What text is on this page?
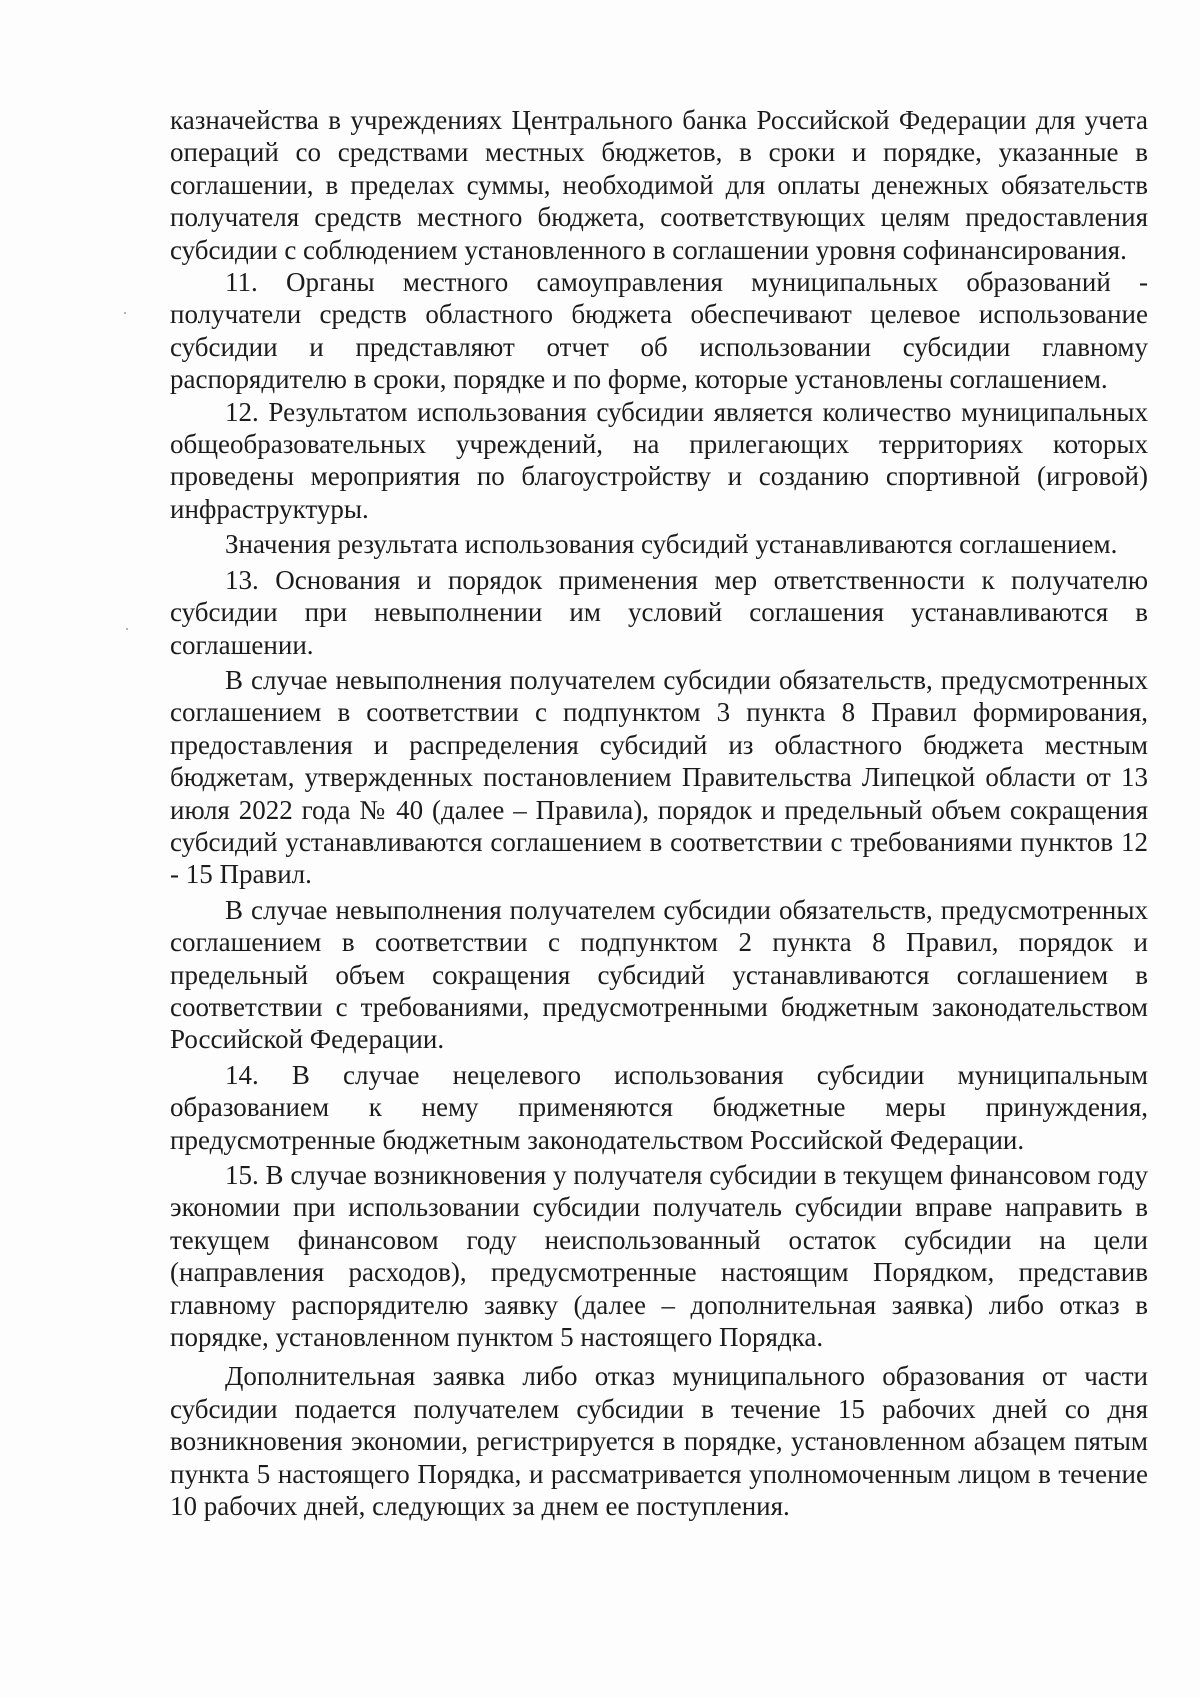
казначейства в учреждениях Центрального банка Российской Федерации для учета операций со средствами местных бюджетов, в сроки и порядке, указанные в соглашении, в пределах суммы, необходимой для оплаты денежных обязательств получателя средств местного бюджета, соответствующих целям предоставления субсидии с соблюдением установленного в соглашении уровня софинансирования.

11. Органы местного самоуправления муниципальных образований - получатели средств областного бюджета обеспечивают целевое использование субсидии и представляют отчет об использовании субсидии главному распорядителю в сроки, порядке и по форме, которые установлены соглашением.

12. Результатом использования субсидии является количество муниципальных общеобразовательных учреждений, на прилегающих территориях которых проведены мероприятия по благоустройству и созданию спортивной (игровой) инфраструктуры.

Значения результата использования субсидий устанавливаются соглашением.

13. Основания и порядок применения мер ответственности к получателю субсидии при невыполнении им условий соглашения устанавливаются в соглашении.

В случае невыполнения получателем субсидии обязательств, предусмотренных соглашением в соответствии с подпунктом 3 пункта 8 Правил формирования, предоставления и распределения субсидий из областного бюджета местным бюджетам, утвержденных постановлением Правительства Липецкой области от 13 июля 2022 года № 40 (далее – Правила), порядок и предельный объем сокращения субсидий устанавливаются соглашением в соответствии с требованиями пунктов 12 - 15 Правил.

В случае невыполнения получателем субсидии обязательств, предусмотренных соглашением в соответствии с подпунктом 2 пункта 8 Правил, порядок и предельный объем сокращения субсидий устанавливаются соглашением в соответствии с требованиями, предусмотренными бюджетным законодательством Российской Федерации.

14. В случае нецелевого использования субсидии муниципальным образованием к нему применяются бюджетные меры принуждения, предусмотренные бюджетным законодательством Российской Федерации.

15. В случае возникновения у получателя субсидии в текущем финансовом году экономии при использовании субсидии получатель субсидии вправе направить в текущем финансовом году неиспользованный остаток субсидии на цели (направления расходов), предусмотренные настоящим Порядком, представив главному распорядителю заявку (далее – дополнительная заявка) либо отказ в порядке, установленном пунктом 5 настоящего Порядка.

Дополнительная заявка либо отказ муниципального образования от части субсидии подается получателем субсидии в течение 15 рабочих дней со дня возникновения экономии, регистрируется в порядке, установленном абзацем пятым пункта 5 настоящего Порядка, и рассматривается уполномоченным лицом в течение 10 рабочих дней, следующих за днем ее поступления.
